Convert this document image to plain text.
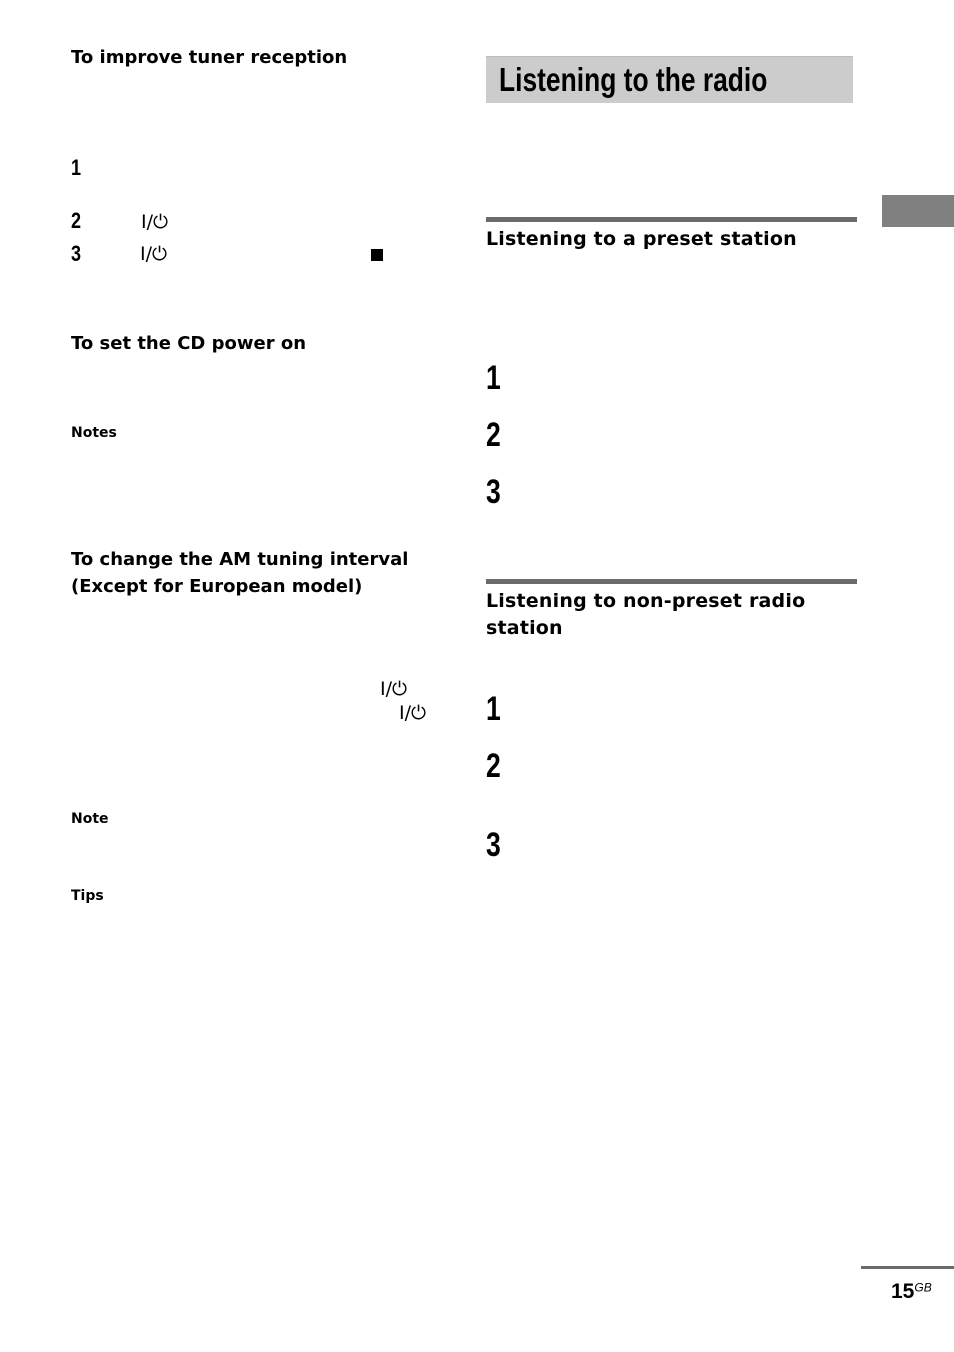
To improve tuner reception
1
2	I/⏻
3	I/⏻
To set the CD power on
Notes
To change the AM tuning interval (Except for European model)
I/⏻
I/⏻
Note
Tips
Listening to the radio
Listening to a preset station
1
2
3
Listening to non-preset radio station
1
2
3
$15^{GB}$
